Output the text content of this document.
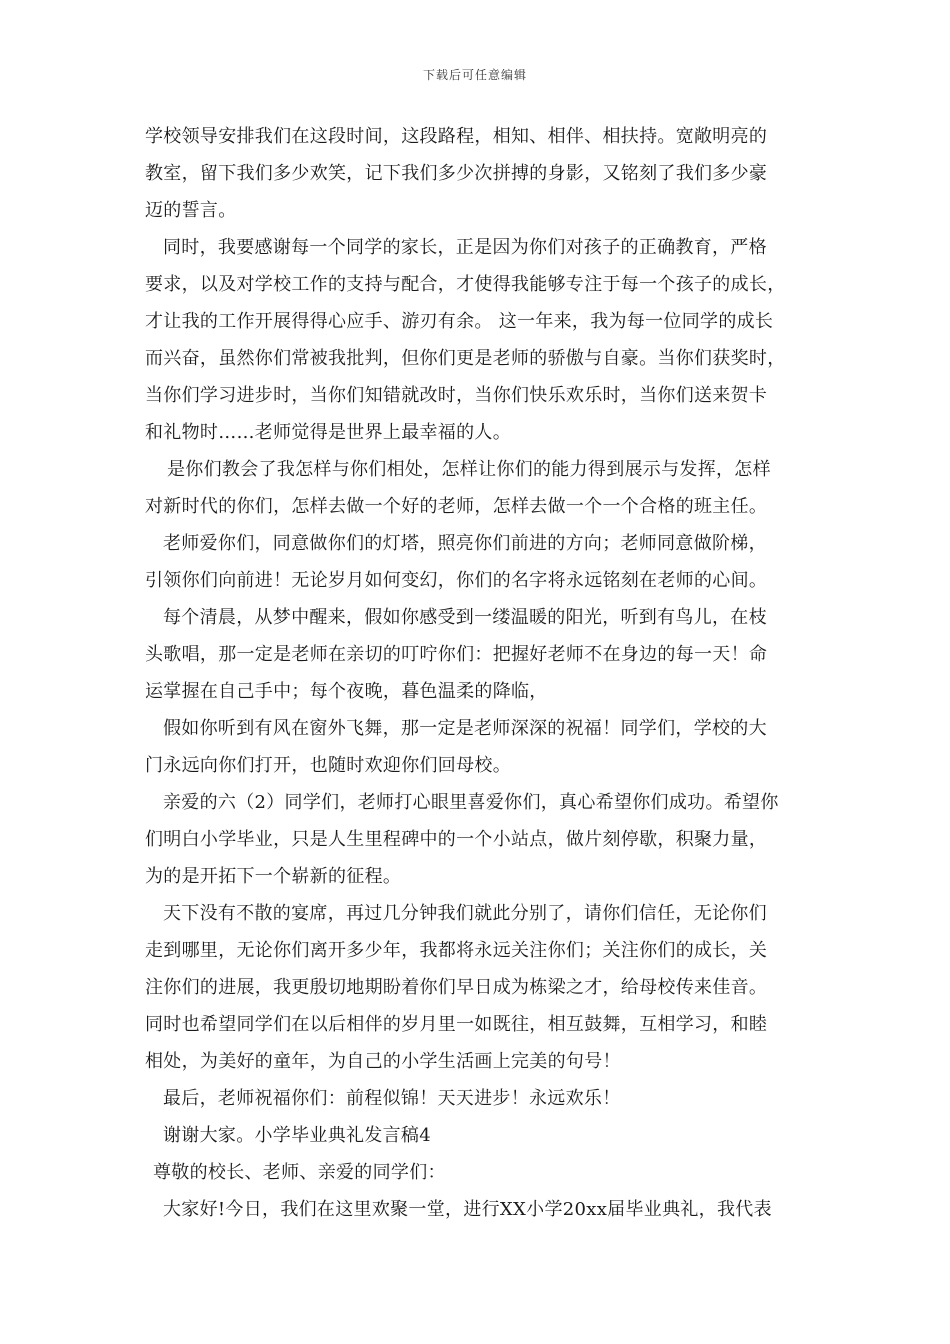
下载后可任意编辑
学校领导安排我们在这段时间，这段路程，相知、相伴、相扶持。宽敞明亮的
教室，留下我们多少欢笑，记下我们多少次拼搏的身影，又铭刻了我们多少豪
迈的誓言。
同时，我要感谢每一个同学的家长，正是因为你们对孩子的正确教育，严格
要求，以及对学校工作的支持与配合，才使得我能够专注于每一个孩子的成长，
才让我的工作开展得得心应手、游刃有余。 这一年来，我为每一位同学的成长
而兴奋，虽然你们常被我批判，但你们更是老师的骄傲与自豪。当你们获奖时，
当你们学习进步时，当你们知错就改时，当你们快乐欢乐时，当你们送来贺卡
和礼物时……老师觉得是世界上最幸福的人。
是你们教会了我怎样与你们相处，怎样让你们的能力得到展示与发挥，怎样
对新时代的你们，怎样去做一个好的老师，怎样去做一个一个合格的班主任。
老师爱你们，同意做你们的灯塔，照亮你们前进的方向；老师同意做阶梯，
引领你们向前进！无论岁月如何变幻，你们的名字将永远铭刻在老师的心间。
每个清晨，从梦中醒来，假如你感受到一缕温暖的阳光，听到有鸟儿，在枝
头歌唱，那一定是老师在亲切的叮咛你们：把握好老师不在身边的每一天！命
运掌握在自己手中；每个夜晚，暮色温柔的降临，
假如你听到有风在窗外飞舞，那一定是老师深深的祝福！同学们，学校的大
门永远向你们打开，也随时欢迎你们回母校。
亲爱的六（2）同学们，老师打心眼里喜爱你们，真心希望你们成功。希望你
们明白小学毕业，只是人生里程碑中的一个小站点，做片刻停歇，积聚力量，
为的是开拓下一个崭新的征程。
天下没有不散的宴席，再过几分钟我们就此分别了，请你们信任，无论你们
走到哪里，无论你们离开多少年，我都将永远关注你们；关注你们的成长，关
注你们的进展，我更殷切地期盼着你们早日成为栋梁之才，给母校传来佳音。
同时也希望同学们在以后相伴的岁月里一如既往，相互鼓舞，互相学习，和睦
相处，为美好的童年，为自己的小学生活画上完美的句号！
最后，老师祝福你们：前程似锦！天天进步！永远欢乐！
谢谢大家。小学毕业典礼发言稿4
尊敬的校长、老师、亲爱的同学们：
大家好!今日，我们在这里欢聚一堂，进行XX小学20xx届毕业典礼，我代表
